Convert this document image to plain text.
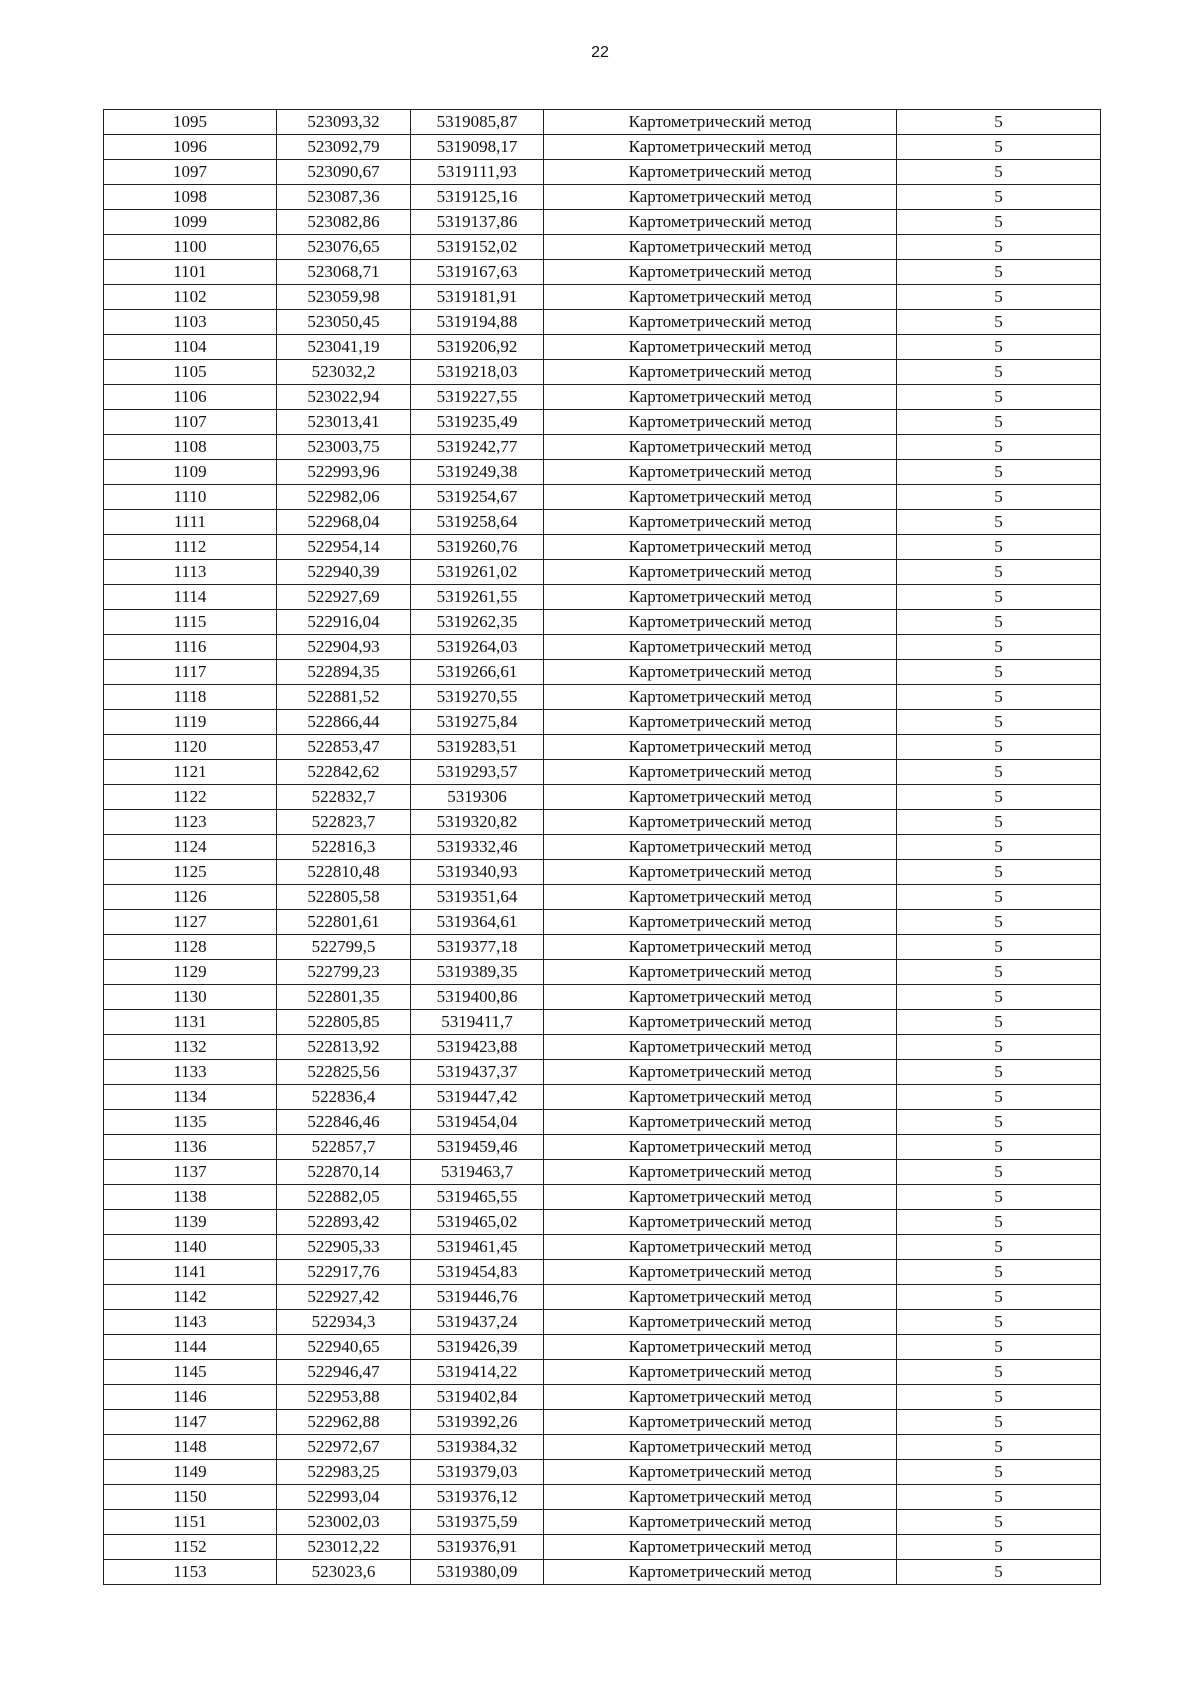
22
1095	523093,32	5319085,87	Картометрический метод	5
1096	523092,79	5319098,17	Картометрический метод	5
1097	523090,67	5319111,93	Картометрический метод	5
1098	523087,36	5319125,16	Картометрический метод	5
1099	523082,86	5319137,86	Картометрический метод	5
1100	523076,65	5319152,02	Картометрический метод	5
1101	523068,71	5319167,63	Картометрический метод	5
1102	523059,98	5319181,91	Картометрический метод	5
1103	523050,45	5319194,88	Картометрический метод	5
1104	523041,19	5319206,92	Картометрический метод	5
1105	523032,2	5319218,03	Картометрический метод	5
1106	523022,94	5319227,55	Картометрический метод	5
1107	523013,41	5319235,49	Картометрический метод	5
1108	523003,75	5319242,77	Картометрический метод	5
1109	522993,96	5319249,38	Картометрический метод	5
1110	522982,06	5319254,67	Картометрический метод	5
1111	522968,04	5319258,64	Картометрический метод	5
1112	522954,14	5319260,76	Картометрический метод	5
1113	522940,39	5319261,02	Картометрический метод	5
1114	522927,69	5319261,55	Картометрический метод	5
1115	522916,04	5319262,35	Картометрический метод	5
1116	522904,93	5319264,03	Картометрический метод	5
1117	522894,35	5319266,61	Картометрический метод	5
1118	522881,52	5319270,55	Картометрический метод	5
1119	522866,44	5319275,84	Картометрический метод	5
1120	522853,47	5319283,51	Картометрический метод	5
1121	522842,62	5319293,57	Картометрический метод	5
1122	522832,7	5319306	Картометрический метод	5
1123	522823,7	5319320,82	Картометрический метод	5
1124	522816,3	5319332,46	Картометрический метод	5
1125	522810,48	5319340,93	Картометрический метод	5
1126	522805,58	5319351,64	Картометрический метод	5
1127	522801,61	5319364,61	Картометрический метод	5
1128	522799,5	5319377,18	Картометрический метод	5
1129	522799,23	5319389,35	Картометрический метод	5
1130	522801,35	5319400,86	Картометрический метод	5
1131	522805,85	5319411,7	Картометрический метод	5
1132	522813,92	5319423,88	Картометрический метод	5
1133	522825,56	5319437,37	Картометрический метод	5
1134	522836,4	5319447,42	Картометрический метод	5
1135	522846,46	5319454,04	Картометрический метод	5
1136	522857,7	5319459,46	Картометрический метод	5
1137	522870,14	5319463,7	Картометрический метод	5
1138	522882,05	5319465,55	Картометрический метод	5
1139	522893,42	5319465,02	Картометрический метод	5
1140	522905,33	5319461,45	Картометрический метод	5
1141	522917,76	5319454,83	Картометрический метод	5
1142	522927,42	5319446,76	Картометрический метод	5
1143	522934,3	5319437,24	Картометрический метод	5
1144	522940,65	5319426,39	Картометрический метод	5
1145	522946,47	5319414,22	Картометрический метод	5
1146	522953,88	5319402,84	Картометрический метод	5
1147	522962,88	5319392,26	Картометрический метод	5
1148	522972,67	5319384,32	Картометрический метод	5
1149	522983,25	5319379,03	Картометрический метод	5
1150	522993,04	5319376,12	Картометрический метод	5
1151	523002,03	5319375,59	Картометрический метод	5
1152	523012,22	5319376,91	Картометрический метод	5
1153	523023,6	5319380,09	Картометрический метод	5
